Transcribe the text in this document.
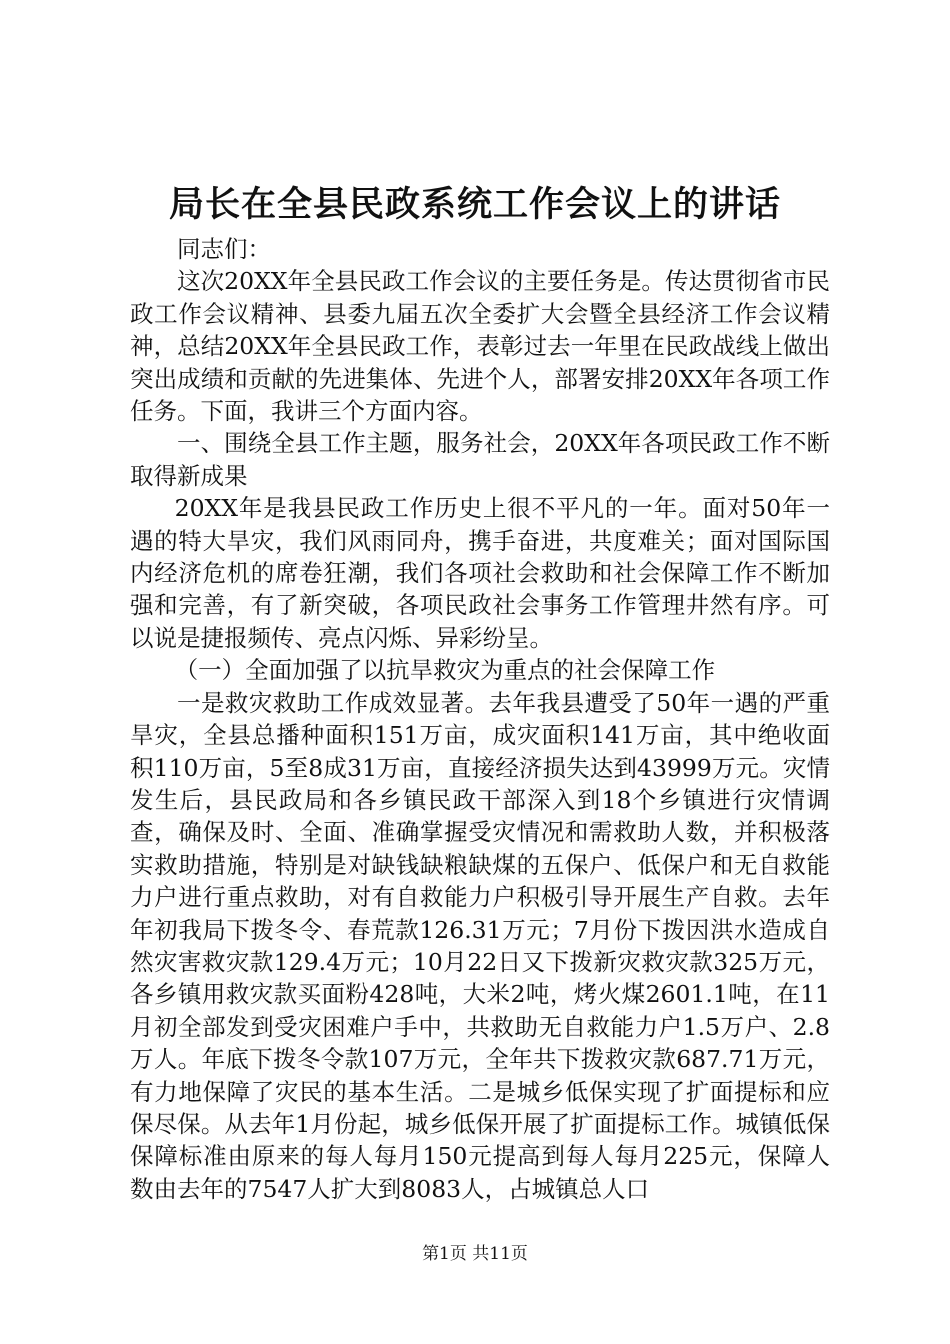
局长在全县民政系统工作会议上的讲话

同志们：

这次20XX年全县民政工作会议的主要任务是。传达贯彻省市民政工作会议精神、县委九届五次全委扩大会暨全县经济工作会议精神，总结20XX年全县民政工作，表彰过去一年里在民政战线上做出突出成绩和贡献的先进集体、先进个人，部署安排20XX年各项工作任务。下面，我讲三个方面内容。

一、围绕全县工作主题，服务社会，20XX年各项民政工作不断取得新成果

20XX年是我县民政工作历史上很不平凡的一年。面对50年一遇的特大旱灾，我们风雨同舟，携手奋进，共度难关；面对国际国内经济危机的席卷狂潮，我们各项社会救助和社会保障工作不断加强和完善，有了新突破，各项民政社会事务工作管理井然有序。可以说是捷报频传、亮点闪烁、异彩纷呈。

（一）全面加强了以抗旱救灾为重点的社会保障工作

一是救灾救助工作成效显著。去年我县遭受了50年一遇的严重旱灾，全县总播种面积151万亩，成灾面积141万亩，其中绝收面积110万亩，5至8成31万亩，直接经济损失达到43999万元。灾情发生后，县民政局和各乡镇民政干部深入到18个乡镇进行灾情调查，确保及时、全面、准确掌握受灾情况和需救助人数，并积极落实救助措施，特别是对缺钱缺粮缺煤的五保户、低保户和无自救能力户进行重点救助，对有自救能力户积极引导开展生产自救。去年年初我局下拨冬令、春荒款126.31万元；7月份下拨因洪水造成自然灾害救灾款129.4万元；10月22日又下拨新灾救灾款325万元，各乡镇用救灾款买面粉428吨，大米2吨，烤火煤2601.1吨，在11月初全部发到受灾困难户手中，共救助无自救能力户1.5万户、2.8万人。年底下拨冬令款107万元，全年共下拨救灾款687.71万元，有力地保障了灾民的基本生活。二是城乡低保实现了扩面提标和应保尽保。从去年1月份起，城乡低保开展了扩面提标工作。城镇低保保障标准由原来的每人每月150元提高到每人每月225元，保障人数由去年的7547人扩大到8083人，占城镇总人口

第1页 共11页
